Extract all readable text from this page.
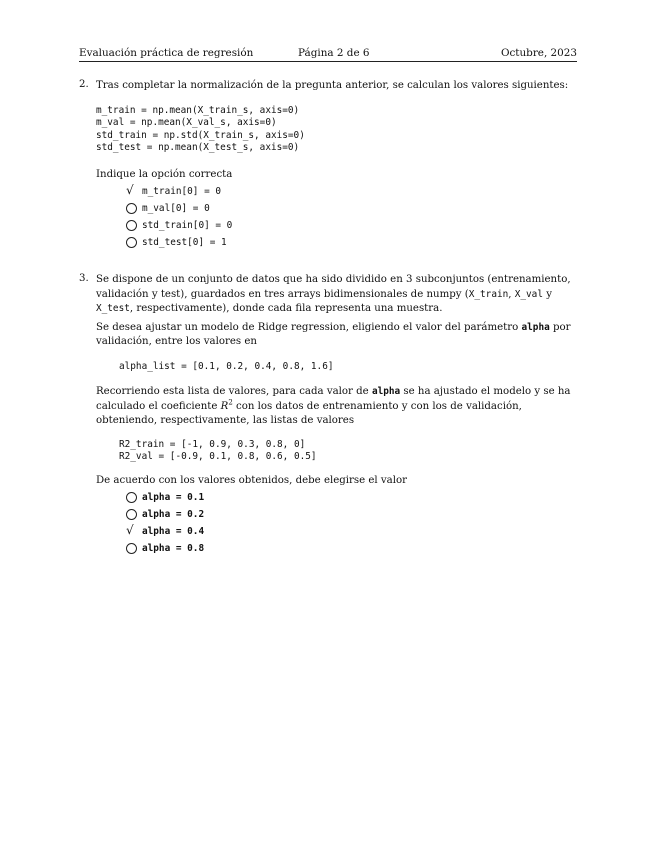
Evaluación práctica de regresión	Página 2 de 6	Octubre, 2023
2. Tras completar la normalización de la pregunta anterior, se calculan los valores siguientes:

m_train = np.mean(X_train_s, axis=0)

m_val = np.mean(X_val_s, axis=0)

std_train = np.std(X_train_s, axis=0)

std_test = np.mean(X_test_s, axis=0)

Indique la opción correcta

√ m_train[0] = 0
m_val[0] = 0
std_train[0] = 0
std_test[0] = 1
3. Se dispone de un conjunto de datos que ha sido dividido en 3 subconjuntos (entrenamiento, validación y test), guardados en tres arrays bidimensionales de numpy (X_train, X_val y X_test, respectivamente), donde cada fila representa una muestra.

Se desea ajustar un modelo de Ridge regression, eligiendo el valor del parámetro alpha por validación, entre los valores en

alpha_list = [0.1, 0.2, 0.4, 0.8, 1.6]

Recorriendo esta lista de valores, para cada valor de alpha se ha ajustado el modelo y se ha calculado el coeficiente $R^2$ con los datos de entrenamiento y con los de validación, obteniendo, respectivamente, las listas de valores

R2_train = [-1, 0.9, 0.3, 0.8, 0]

R2_val = [-0.9, 0.1, 0.8, 0.6, 0.5]

De acuerdo con los valores obtenidos, debe elegirse el valor

alpha = 0.1
alpha = 0.2
√ alpha = 0.4
alpha = 0.8
